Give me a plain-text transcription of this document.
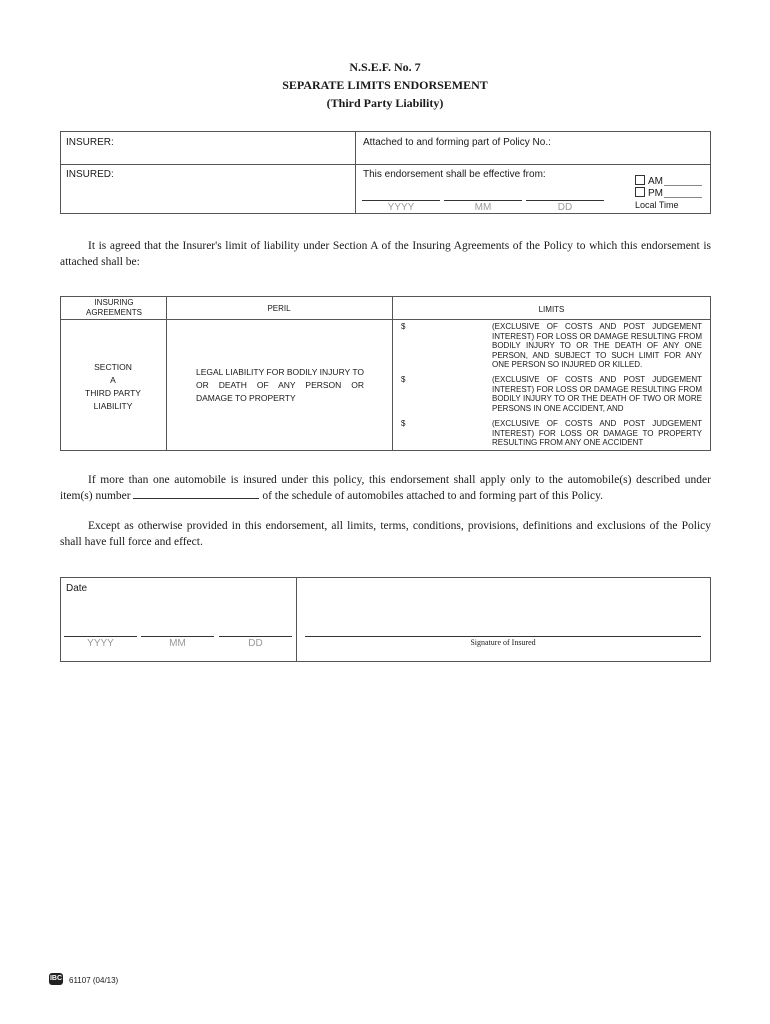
N.S.E.F. No. 7
SEPARATE LIMITS ENDORSEMENT
(Third Party Liability)
INSURER:	Attached to and forming part of Policy No.:
INSURED:	This endorsement shall be effective from:
YYYY	MM	DD
AM
PM
Local Time
It is agreed that the Insurer's limit of liability under Section A of the Insuring Agreements of the Policy to which this endorsement is attached shall be:
INSURING AGREEMENTS	PERIL	LIMITS
SECTION
A
THIRD PARTY
LIABILITY
LEGAL LIABILITY FOR BODILY INJURY TO OR DEATH OF ANY PERSON OR DAMAGE TO PROPERTY
$	(EXCLUSIVE OF COSTS AND POST JUDGEMENT INTEREST) FOR LOSS OR DAMAGE RESULTING FROM BODILY INJURY TO OR THE DEATH OF ANY ONE PERSON, AND SUBJECT TO SUCH LIMIT FOR ANY ONE PERSON SO INJURED OR KILLED.
$	(EXCLUSIVE OF COSTS AND POST JUDGEMENT INTEREST) FOR LOSS OR DAMAGE RESULTING FROM BODILY INJURY TO OR THE DEATH OF TWO OR MORE PERSONS IN ONE ACCIDENT, AND
$	(EXCLUSIVE OF COSTS AND POST JUDGEMENT INTEREST) FOR LOSS OR DAMAGE TO PROPERTY RESULTING FROM ANY ONE ACCIDENT
If more than one automobile is insured under this policy, this endorsement shall apply only to the automobile(s) described under item(s) number	of the schedule of automobiles attached to and forming part of this Policy.
Except as otherwise provided in this endorsement, all limits, terms, conditions, provisions, definitions and exclusions of the Policy shall have full force and effect.
Date
YYYY	MM	DD	Signature of Insured
IBC 61107 (04/13)
